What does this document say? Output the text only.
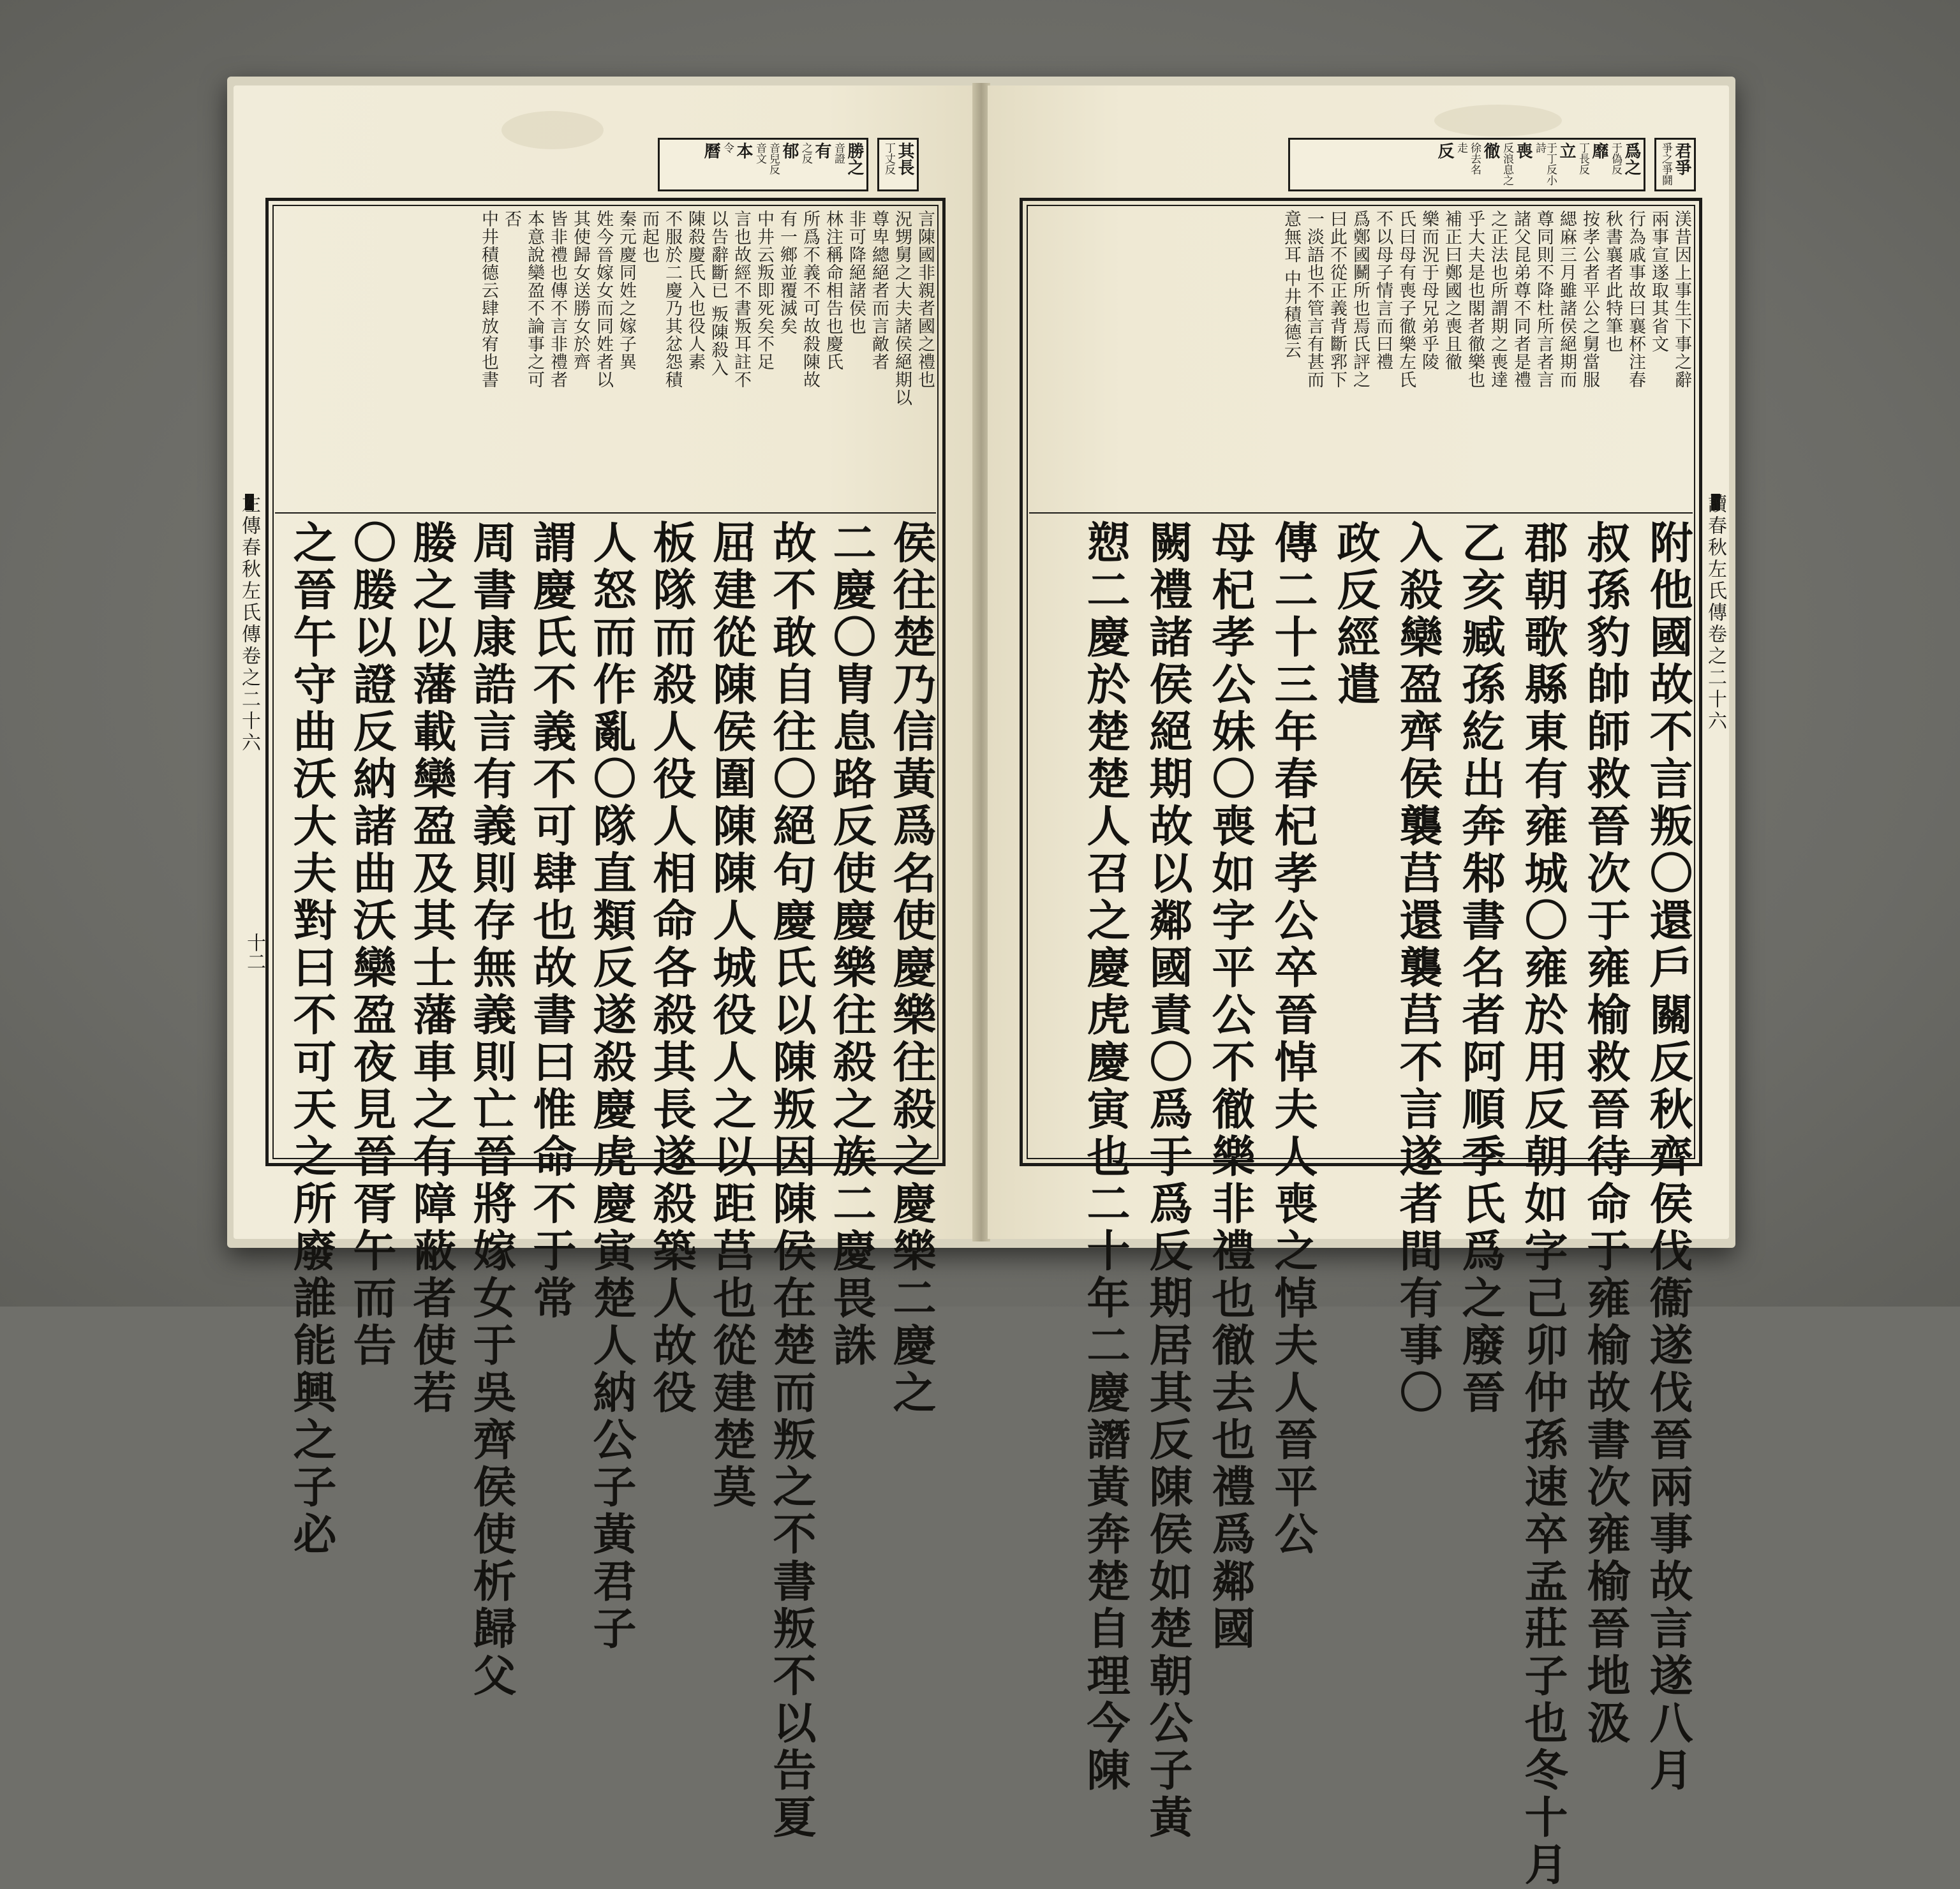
其長
丁丈反
勝之
音證
有
之反
郁
音兒反
音文
本
令
曆
左傳春秋左氏傳卷之二十六
十二
言陳國非親者國之禮也
況甥舅之大夫諸侯絕期以
尊卑總絕者而言敵者
非可降絕諸侯也
林注稱命相告也慶氏
所爲不義不可故殺陳故
有一鄉並覆滅矣
中井云叛即死矣不足
言也故經不書叛耳註不
以告辭斷已 叛陳殺入
陳殺慶氏入也役人素
不服於二慶乃其忿怨積
而起也
秦元慶同姓之嫁子異
姓今晉嫁女而同姓者以
其使歸女送勝女於齊
皆非禮也傳不言非禮者
本意說欒盈不論事之可
否
中井積德云肆放宥也書
侯往楚乃信黃爲名使慶樂往殺之慶樂二慶之
二慶〇胄息路反使慶樂往殺之族二慶畏誅
故不敢自往〇絕句慶氏以陳叛因陳侯在楚而叛之不書叛不以告夏
屈建從陳侯圍陳陳人城役人之以距莒也從建楚莫
板隊而殺人役人相命各殺其長遂殺築人故役
人怒而作亂〇隊直類反遂殺慶虎慶寅楚人納公子黃君子
謂慶氏不義不可肆也故書曰惟命不于常
周書康誥言有義則存無義則亡晉將嫁女于吳齊侯使析歸父
媵之以藩載欒盈及其士藩車之有障蔽者使若
〇媵以證反納諸曲沃欒盈夜見晉胥午而告
之晉午守曲沃大夫對曰不可天之所廢誰能興之子必
君爭
爭之爭鬪
爲之
于偽反
靡
丁長反
立
于丁反小詩
喪
反浪息之
徹
徐去名
走
反
讀春秋左氏傳卷之二十六
渼昔因上事生下事之辭
兩事宣遂取其省文
行為戚事故曰襄杯注春
秋書襄者此特筆也
按孝公者平公之舅當服
緦麻三月雖諸侯絕期而
尊同則不降杜所言者言
諸父昆弟尊不同者是禮
之正法也所謂期之喪達
乎大夫是也閣者徹樂也
補正曰鄭國之喪且徹
樂而況于母兄弟乎陵
氏曰母有喪子徹樂左氏
不以母子情言而曰禮
爲鄭國鬭所也焉氏評之
曰此不從正義背斷郛下
一淡語也不管言有甚而
意無耳 中井積德云
附他國故不言叛〇還戶關反秋齊侯伐衞遂伐晉兩事故言遂八月
叔孫豹帥師救晉次于雍榆救晉待命于雍榆故書次雍榆晉地汲
郡朝歌縣東有雍城〇雍於用反朝如字己卯仲孫速卒孟莊子也冬十月
乙亥臧孫紇出奔邾書名者阿順季氏爲之廢晉
入殺欒盈齊侯襲莒還襲莒不言遂者間有事〇
政反經遣
傳二十三年春杞孝公卒晉悼夫人喪之悼夫人晉平公
母杞孝公妹〇喪如字平公不徹樂非禮也徹去也禮爲鄰國
闕禮諸侯絕期故以鄰國責〇爲于爲反期居其反陳侯如楚朝公子黃
愬二慶於楚楚人召之慶虎慶寅也二十年二慶譖黃奔楚自理今陳
